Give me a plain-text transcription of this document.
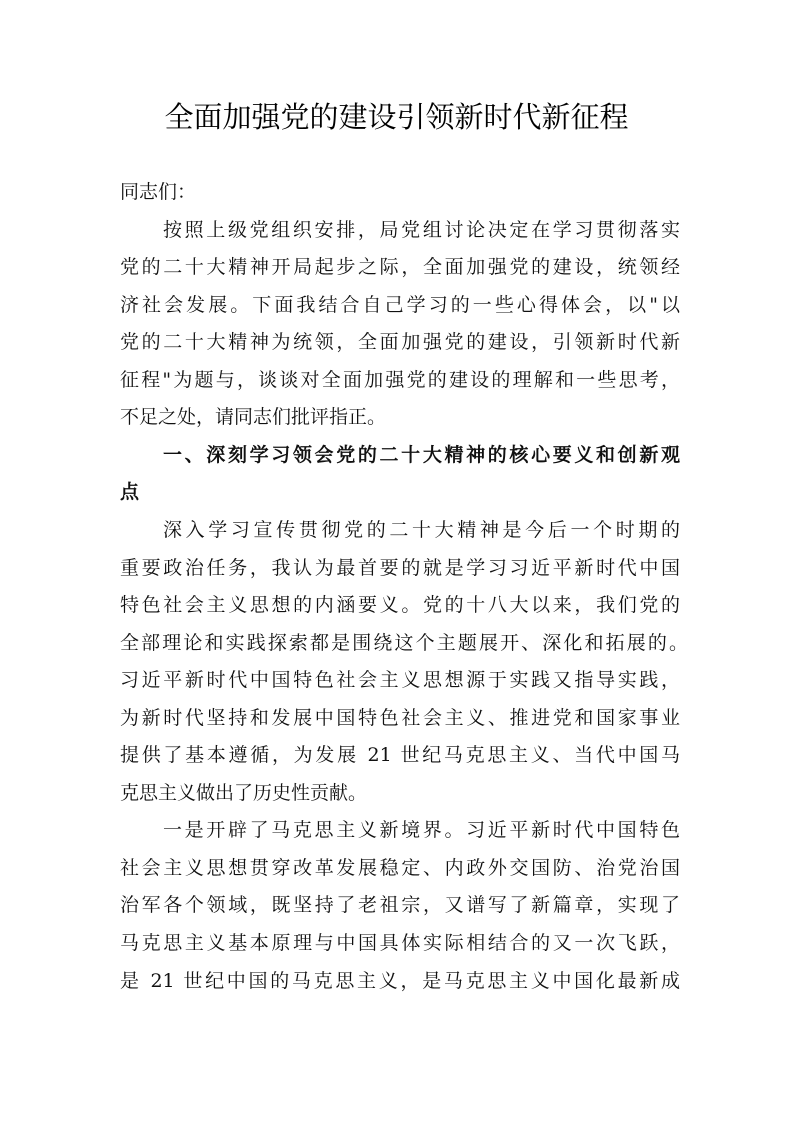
全面加强党的建设引领新时代新征程
同志们：
按照上级党组织安排，局党组讨论决定在学习贯彻落实
党的二十大精神开局起步之际，全面加强党的建设，统领经
济社会发展。下面我结合自己学习的一些心得体会，以"以
党的二十大精神为统领，全面加强党的建设，引领新时代新
征程"为题与，谈谈对全面加强党的建设的理解和一些思考，
不足之处，请同志们批评指正。
一、深刻学习领会党的二十大精神的核心要义和创新观
点
深入学习宣传贯彻党的二十大精神是今后一个时期的
重要政治任务，我认为最首要的就是学习习近平新时代中国
特色社会主义思想的内涵要义。党的十八大以来，我们党的
全部理论和实践探索都是围绕这个主题展开、深化和拓展的。
习近平新时代中国特色社会主义思想源于实践又指导实践，
为新时代坚持和发展中国特色社会主义、推进党和国家事业
提供了基本遵循，为发展 21 世纪马克思主义、当代中国马
克思主义做出了历史性贡献。
一是开辟了马克思主义新境界。习近平新时代中国特色
社会主义思想贯穿改革发展稳定、内政外交国防、治党治国
治军各个领域，既坚持了老祖宗，又谱写了新篇章，实现了
马克思主义基本原理与中国具体实际相结合的又一次飞跃，
是 21 世纪中国的马克思主义，是马克思主义中国化最新成
